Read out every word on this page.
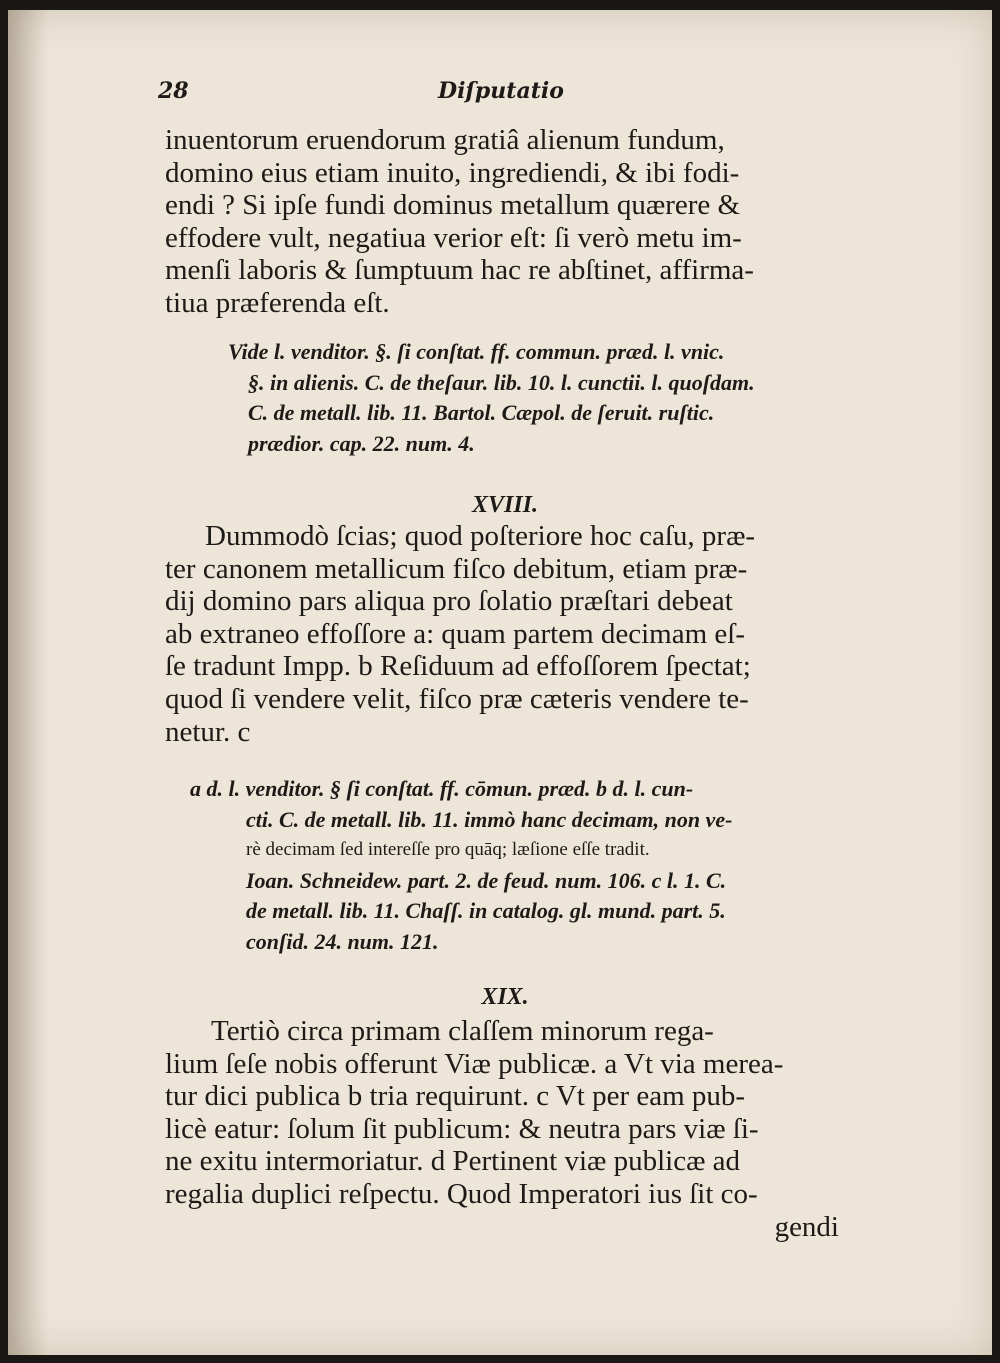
28	Diſputatio
inuentorum eruendorum gratiâ alienum fundum,
domino eius etiam inuito, ingrediendi, & ibi fodi-
endi ? Si ipſe fundi dominus metallum quærere &
effodere vult, negatiua verior eſt: ſi verò metu im-
menſi laboris & ſumptuum hac re abſtinet, affirma-
tiua præferenda eſt.
Vide l. venditor. §. ſi conſtat. ff. commun. præd. l. vnic.
§. in alienis. C. de theſaur. lib. 10. l. cunctii. l. quoſdam.
C. de metall. lib. 11. Bartol. Cæpol. de ſeruit. ruſtic.
prædior. cap. 22. num. 4.
XVIII.
Dummodò ſcias; quod poſteriore hoc caſu, præ-
ter canonem metallicum fiſco debitum, etiam præ-
dij domino pars aliqua pro ſolatio præſtari debeat
ab extraneo effoſſore a: quam partem decimam eſ-
ſe tradunt Impp. b Reſiduum ad effoſſorem ſpectat;
quod ſi vendere velit, fiſco præ cæteris vendere te-
netur. c
a d. l. venditor. § ſi conſtat. ff. cōmun. præd. b d. l. cun-
cti. C. de metall. lib. 11. immò hanc decimam, non ve-
rè decimam ſed intereſſe pro quāq; læſione eſſe tradit.
Ioan. Schneidew. part. 2. de feud. num. 106. c l. 1. C.
de metall. lib. 11. Chaſſ. in catalog. gl. mund. part. 5.
conſid. 24. num. 121.
XIX.
Tertiò circa primam claſſem minorum rega-
lium ſeſe nobis offerunt Viæ publicæ. a Vt via merea-
tur dici publica b tria requirunt. c Vt per eam pub-
licè eatur: ſolum ſit publicum: & neutra pars viæ ſi-
ne exitu intermoriatur. d Pertinent viæ publicæ ad
regalia duplici reſpectu. Quod Imperatori ius ſit co-
gendi
